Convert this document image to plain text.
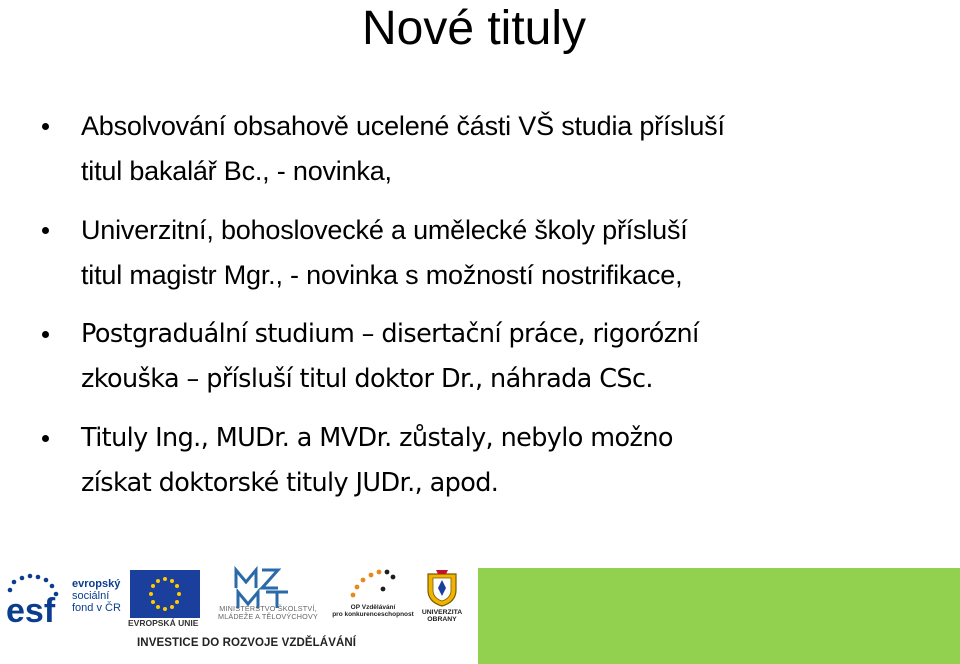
Nové tituly
Absolvování obsahově ucelené části VŠ studia přísluší
titul bakalář Bc., - novinka,
Univerzitní, bohoslovecké a umělecké školy přísluší
titul magistr Mgr., - novinka s možností nostrifikace,
Postgraduální studium – disertační práce, rigorózní
zkouška – přísluší titul doktor Dr., náhrada CSc.
Tituly Ing., MUDr. a MVDr. zůstaly, nebylo možno
získat doktorské tituly JUDr., apod.
esf
evropský
sociální
fond v ČR
EVROPSKÁ UNIE
MINISTERSTVO ŠKOLSTVÍ,
MLÁDEŽE A TĚLOVÝCHOVY
OP Vzdělávání
pro konkurenceschopnost	UNIVERZITA
OBRANY
INVESTICE DO ROZVOJE VZDĚLÁVÁNÍ
